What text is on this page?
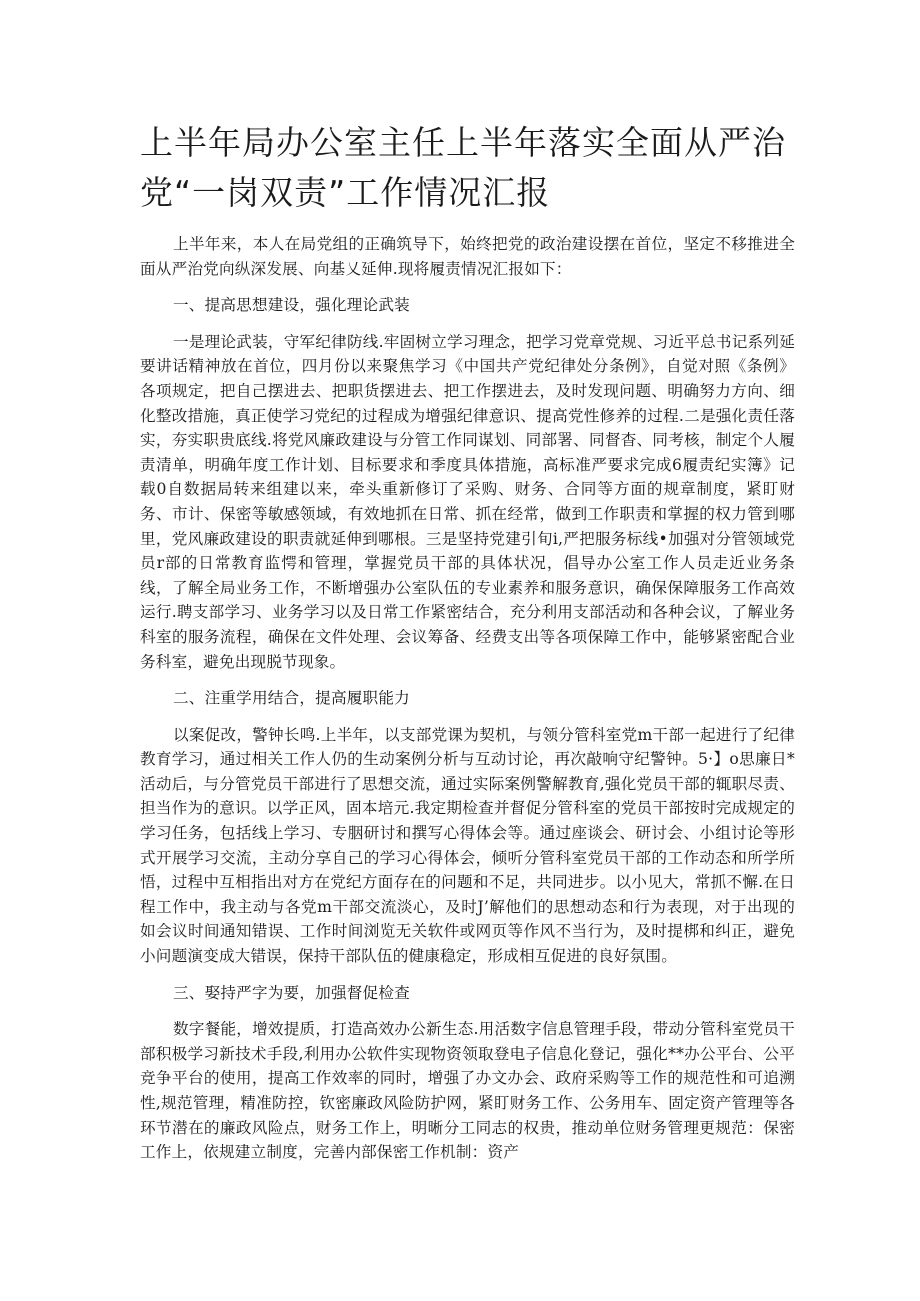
上半年局办公室主任上半年落实全面从严治党“一岗双责”工作情况汇报

上半年来，本人在局党组的正确筑导下，始终把党的政治建设摆在首位，坚定不移推进全面从严治党向纵深发展、向基乂延伸.现将履责情况汇报如下：

一、提高思想建设，强化理论武装

一是理论武装，守军纪律防线.牢固树立学习理念，把学习党章党规、习近平总书记系列延要讲话精神放在首位，四月份以来聚焦学习《中国共产党纪律处分条例》，自觉对照《条例》各项规定，把自己摆进去、把职货摆进去、把工作摆进去，及时发现问题、明确努力方向、细化整改措施，真正使学习党纪的过程成为增强纪律意识、提高党性修养的过程.二是强化责任落实，夯实职贵底线.将党风廉政建设与分管工作同谋划、同部署、同督杳、同考核，制定个人履责清单，明确年度工作计划、目标要求和季度具体措施，高标准严要求完成6履责纪实簿》记载0自数据局转来组建以来，牵头重新修订了采购、财务、合同等方面的规章制度，紧盯财务、市计、保密等敏感领域，有效地抓在日常、抓在经常，做到工作职责和掌握的权力管到哪里，党风廉政建设的职责就延伸到哪根。三是坚持党建引旬i,严把服务标线•加强对分管领域党员r部的日常教育监愕和管理，掌握党员干部的具体状况，倡导办公室工作人员走近业务条线，了解全局业务工作，不断增强办公室队伍的专业素养和服务意识，确保保障服务工作高效运行.聘支部学习、业务学习以及日常工作紧密结合，充分利用支部活动和各种会议，了解业务科室的服务流程，确保在文件处理、会议筹备、经费支出等各项保障工作中，能够紧密配合业务科室，避免出现脱节现象。

二、注重学用结合，提高履职能力

以案促改，警钟长鸣.上半年，以支部党课为契机，与领分管科室党m干部一起进行了纪律教育学习，通过相关工作人仍的生动案例分析与互动讨论，再次敲响守纪警钟。5·】o思廉日*活动后，与分管党员干部进行了思想交流，通过实际案例警解教育,强化党员干部的辄职尽责、担当作为的意识。以学正风，固本培元.我定期检查并督促分管科室的党员干部按时完成规定的学习任务，包括线上学习、专胭研讨和撰写心得体会等。通过座谈会、研讨会、小组讨论等形式开展学习交流，主动分享自己的学习心得体会，倾听分管科室党员干部的工作动态和所学所悟，过程中互相指出对方在党纪方面存在的问题和不足，共同进步。以小见大，常抓不懈.在日程工作中，我主动与各党m干部交流淡心，及时J’解他们的思想动态和行为表现，对于出现的如会议时间通知错误、工作时间浏览无关软件或网页等作风不当行为，及时提梆和纠正，避免小问题演变成大错误，保持干部队伍的健康稳定，形成相互促进的良好氛围。

三、娶持严字为要，加强督促检查

数字餐能，增效提质，打造高效办公新生态.用活数字信息管理手段，带动分管科室党员干部积极学习新技术手段,利用办公软件实现物资领取登电子信息化登记，强化**办公平台、公平竞争平台的使用，提高工作效率的同时，增强了办文办会、政府采购等工作的规范性和可追溯性,规范管理，精准防控，钦密廉政风险防护网，紧盯财务工作、公务用车、固定资产管理等各环节潜在的廉政风险点，财务工作上，明晰分工同志的权贵，推动单位财务管理更规范：保密工作上，依规建立制度，完善内部保密工作机制：资产
